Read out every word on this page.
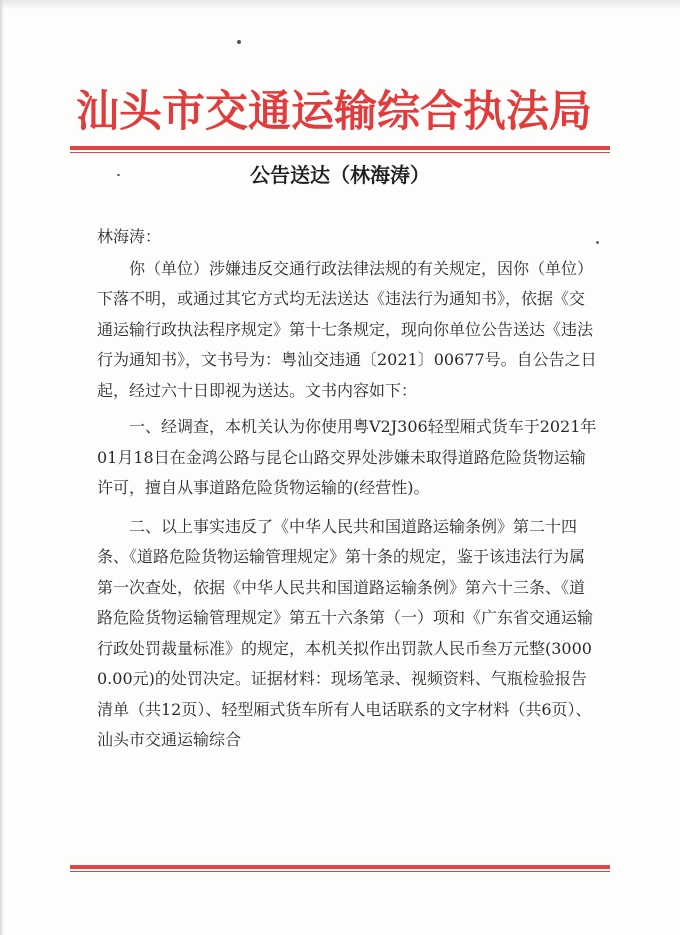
汕头市交通运输综合执法局
公告送达（林海涛）

林海涛：

你（单位）涉嫌违反交通行政法律法规的有关规定，因你（单位）下落不明，或通过其它方式均无法送达《违法行为通知书》，依据《交通运输行政执法程序规定》第十七条规定，现向你单位公告送达《违法行为通知书》，文书号为：粤汕交违通〔2021〕00677号。自公告之日起，经过六十日即视为送达。文书内容如下：

一、经调查，本机关认为你使用粤V2J306轻型厢式货车于2021年01月18日在金鸿公路与昆仑山路交界处涉嫌未取得道路危险货物运输许可，擅自从事道路危险货物运输的(经营性)。

二、以上事实违反了《中华人民共和国道路运输条例》第二十四条、《道路危险货物运输管理规定》第十条的规定，鉴于该违法行为属第一次查处，依据《中华人民共和国道路运输条例》第六十三条、《道路危险货物运输管理规定》第五十六条第（一）项和《广东省交通运输行政处罚裁量标准》的规定，本机关拟作出罚款人民币叁万元整(30000.00元)的处罚决定。证据材料：现场笔录、视频资料、气瓶检验报告清单（共12页）、轻型厢式货车所有人电话联系的文字材料（共6页）、汕头市交通运输综合
